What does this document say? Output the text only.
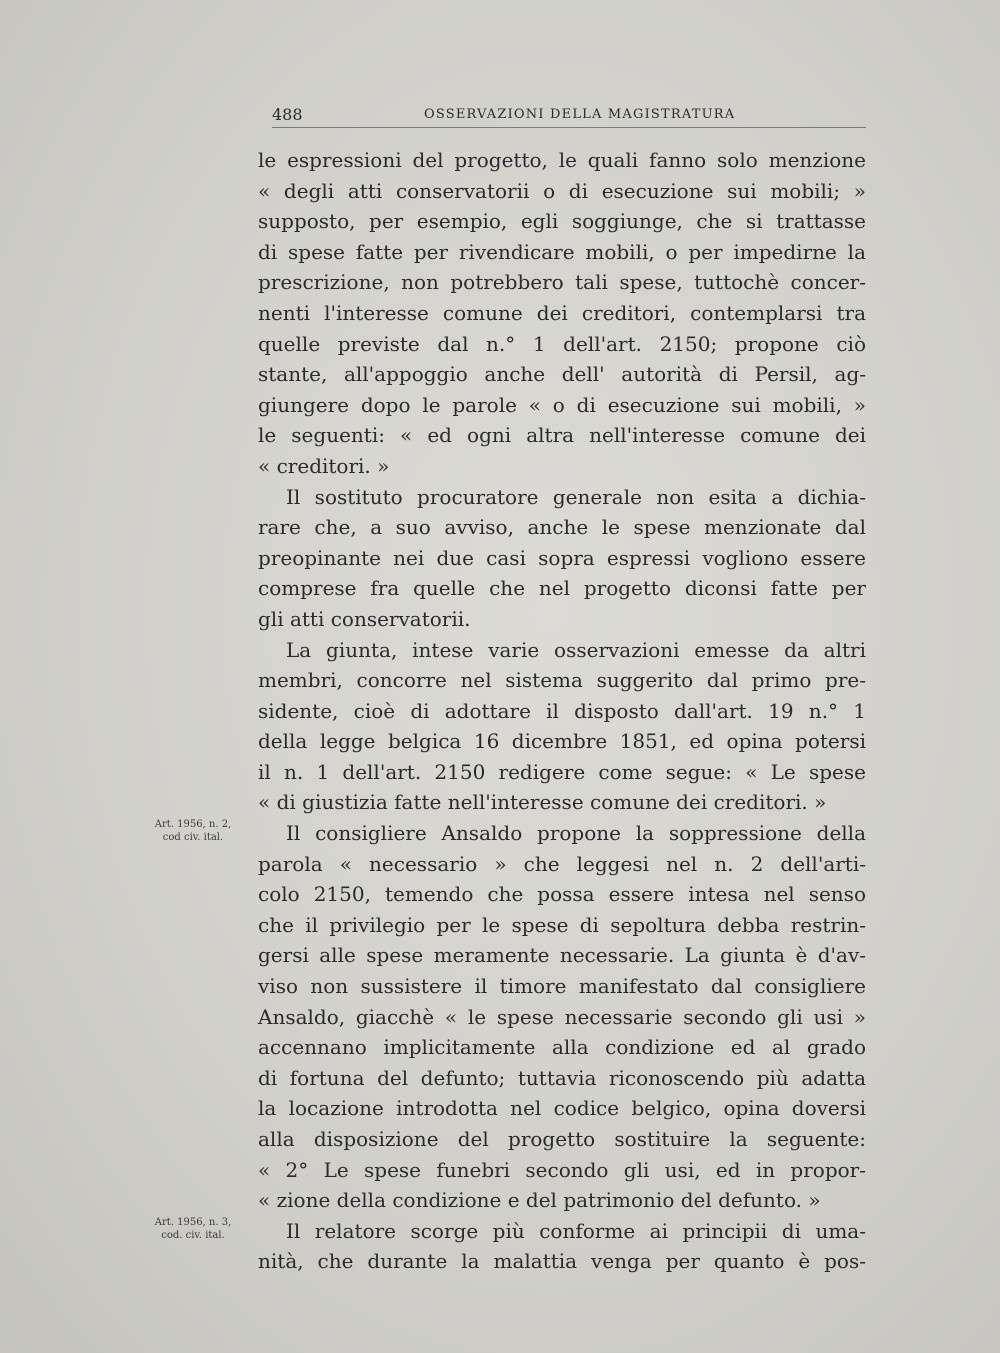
488	OSSERVAZIONI DELLA MAGISTRATURA
le espressioni del progetto, le quali fanno solo menzione
« degli atti conservatorii o di esecuzione sui mobili; »
supposto, per esempio, egli soggiunge, che si trattasse
di spese fatte per rivendicare mobili, o per impedirne la
prescrizione, non potrebbero tali spese, tuttochè concer-
nenti l'interesse comune dei creditori, contemplarsi tra
quelle previste dal n.° 1 dell'art. 2150; propone ciò
stante, all'appoggio anche dell' autorità di Persil, ag-
giungere dopo le parole « o di esecuzione sui mobili, »
le seguenti: « ed ogni altra nell'interesse comune dei
« creditori. »
Il sostituto procuratore generale non esita a dichia-
rare che, a suo avviso, anche le spese menzionate dal
preopinante nei due casi sopra espressi vogliono essere
comprese fra quelle che nel progetto diconsi fatte per
gli atti conservatorii.
La giunta, intese varie osservazioni emesse da altri
membri, concorre nel sistema suggerito dal primo pre-
sidente, cioè di adottare il disposto dall'art. 19 n.° 1
della legge belgica 16 dicembre 1851, ed opina potersi
il n. 1 dell'art. 2150 redigere come segue: « Le spese
« di giustizia fatte nell'interesse comune dei creditori. »
Il consigliere Ansaldo propone la soppressione della
parola « necessario » che leggesi nel n. 2 dell'arti-
colo 2150, temendo che possa essere intesa nel senso
che il privilegio per le spese di sepoltura debba restrin-
gersi alle spese meramente necessarie. La giunta è d'av-
viso non sussistere il timore manifestato dal consigliere
Ansaldo, giacchè « le spese necessarie secondo gli usi »
accennano implicitamente alla condizione ed al grado
di fortuna del defunto; tuttavia riconoscendo più adatta
la locazione introdotta nel codice belgico, opina doversi
alla disposizione del progetto sostituire la seguente:
« 2° Le spese funebri secondo gli usi, ed in propor-
« zione della condizione e del patrimonio del defunto. »
Il relatore scorge più conforme ai principii di uma-
nità, che durante la malattia venga per quanto è pos-
Art. 1956, n. 2,
cod civ. ital.
Art. 1956, n. 3,
cod. civ. ital.
